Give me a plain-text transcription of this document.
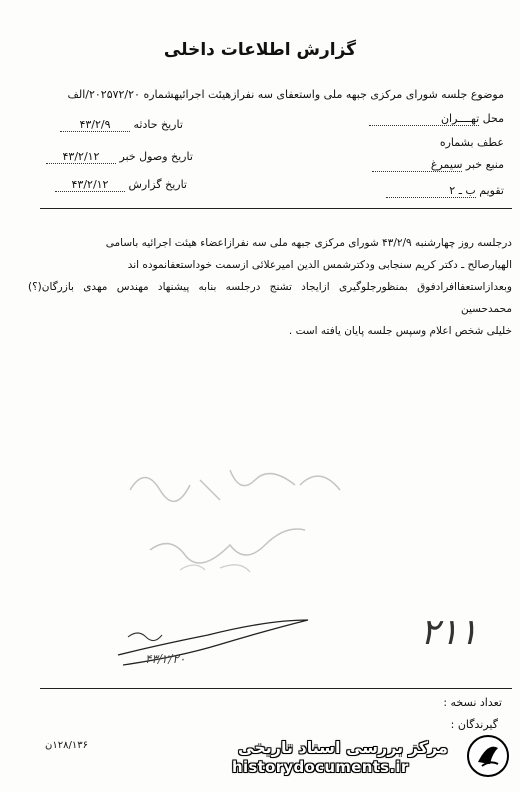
گزارش اطلاعات داخلی
موضوع جلسه شورای مرکزی جبهه ملی واستعفای سه نفرازهیئت اجرائیهشماره ۲۰۲۵۷۲/۲۰/الف
محل تهــــران
تاریخ حادثه ۴۳/۲/۹
عطف بشماره
تاریخ وصول خبر ۴۳/۲/۱۲
منبع خبر سیمرغ
تاریخ گزارش ۴۳/۲/۱۲	تقویم ب ـ ۲
درجلسه روز چهارشنبه ۴۳/۲/۹ شورای مرکزی جبهه ملی سه نفرازاعضاء هیئت اجرائیه باسامی
الهیارصالح ـ دکتر کریم سنجابی ودکترشمس الدین امیرعلائی ازسمت خوداستعفانموده اند
وبعدازاستعفاافرادفوق بمنظورجلوگیری ازایجاد تشنج درجلسه بنابه پیشنهاد مهندس مهدی بازرگان(؟) محمدحسین
خلیلی شخص اعلام وسپس جلسه پایان یافته است .
۴۳/۲/۲۰
۲۱۱
تعداد نسخه :
گیرندگان :
۱۲۸/۱۳۶ن	مرکز بررسی اسناد تاریخی
historydocuments.ir
